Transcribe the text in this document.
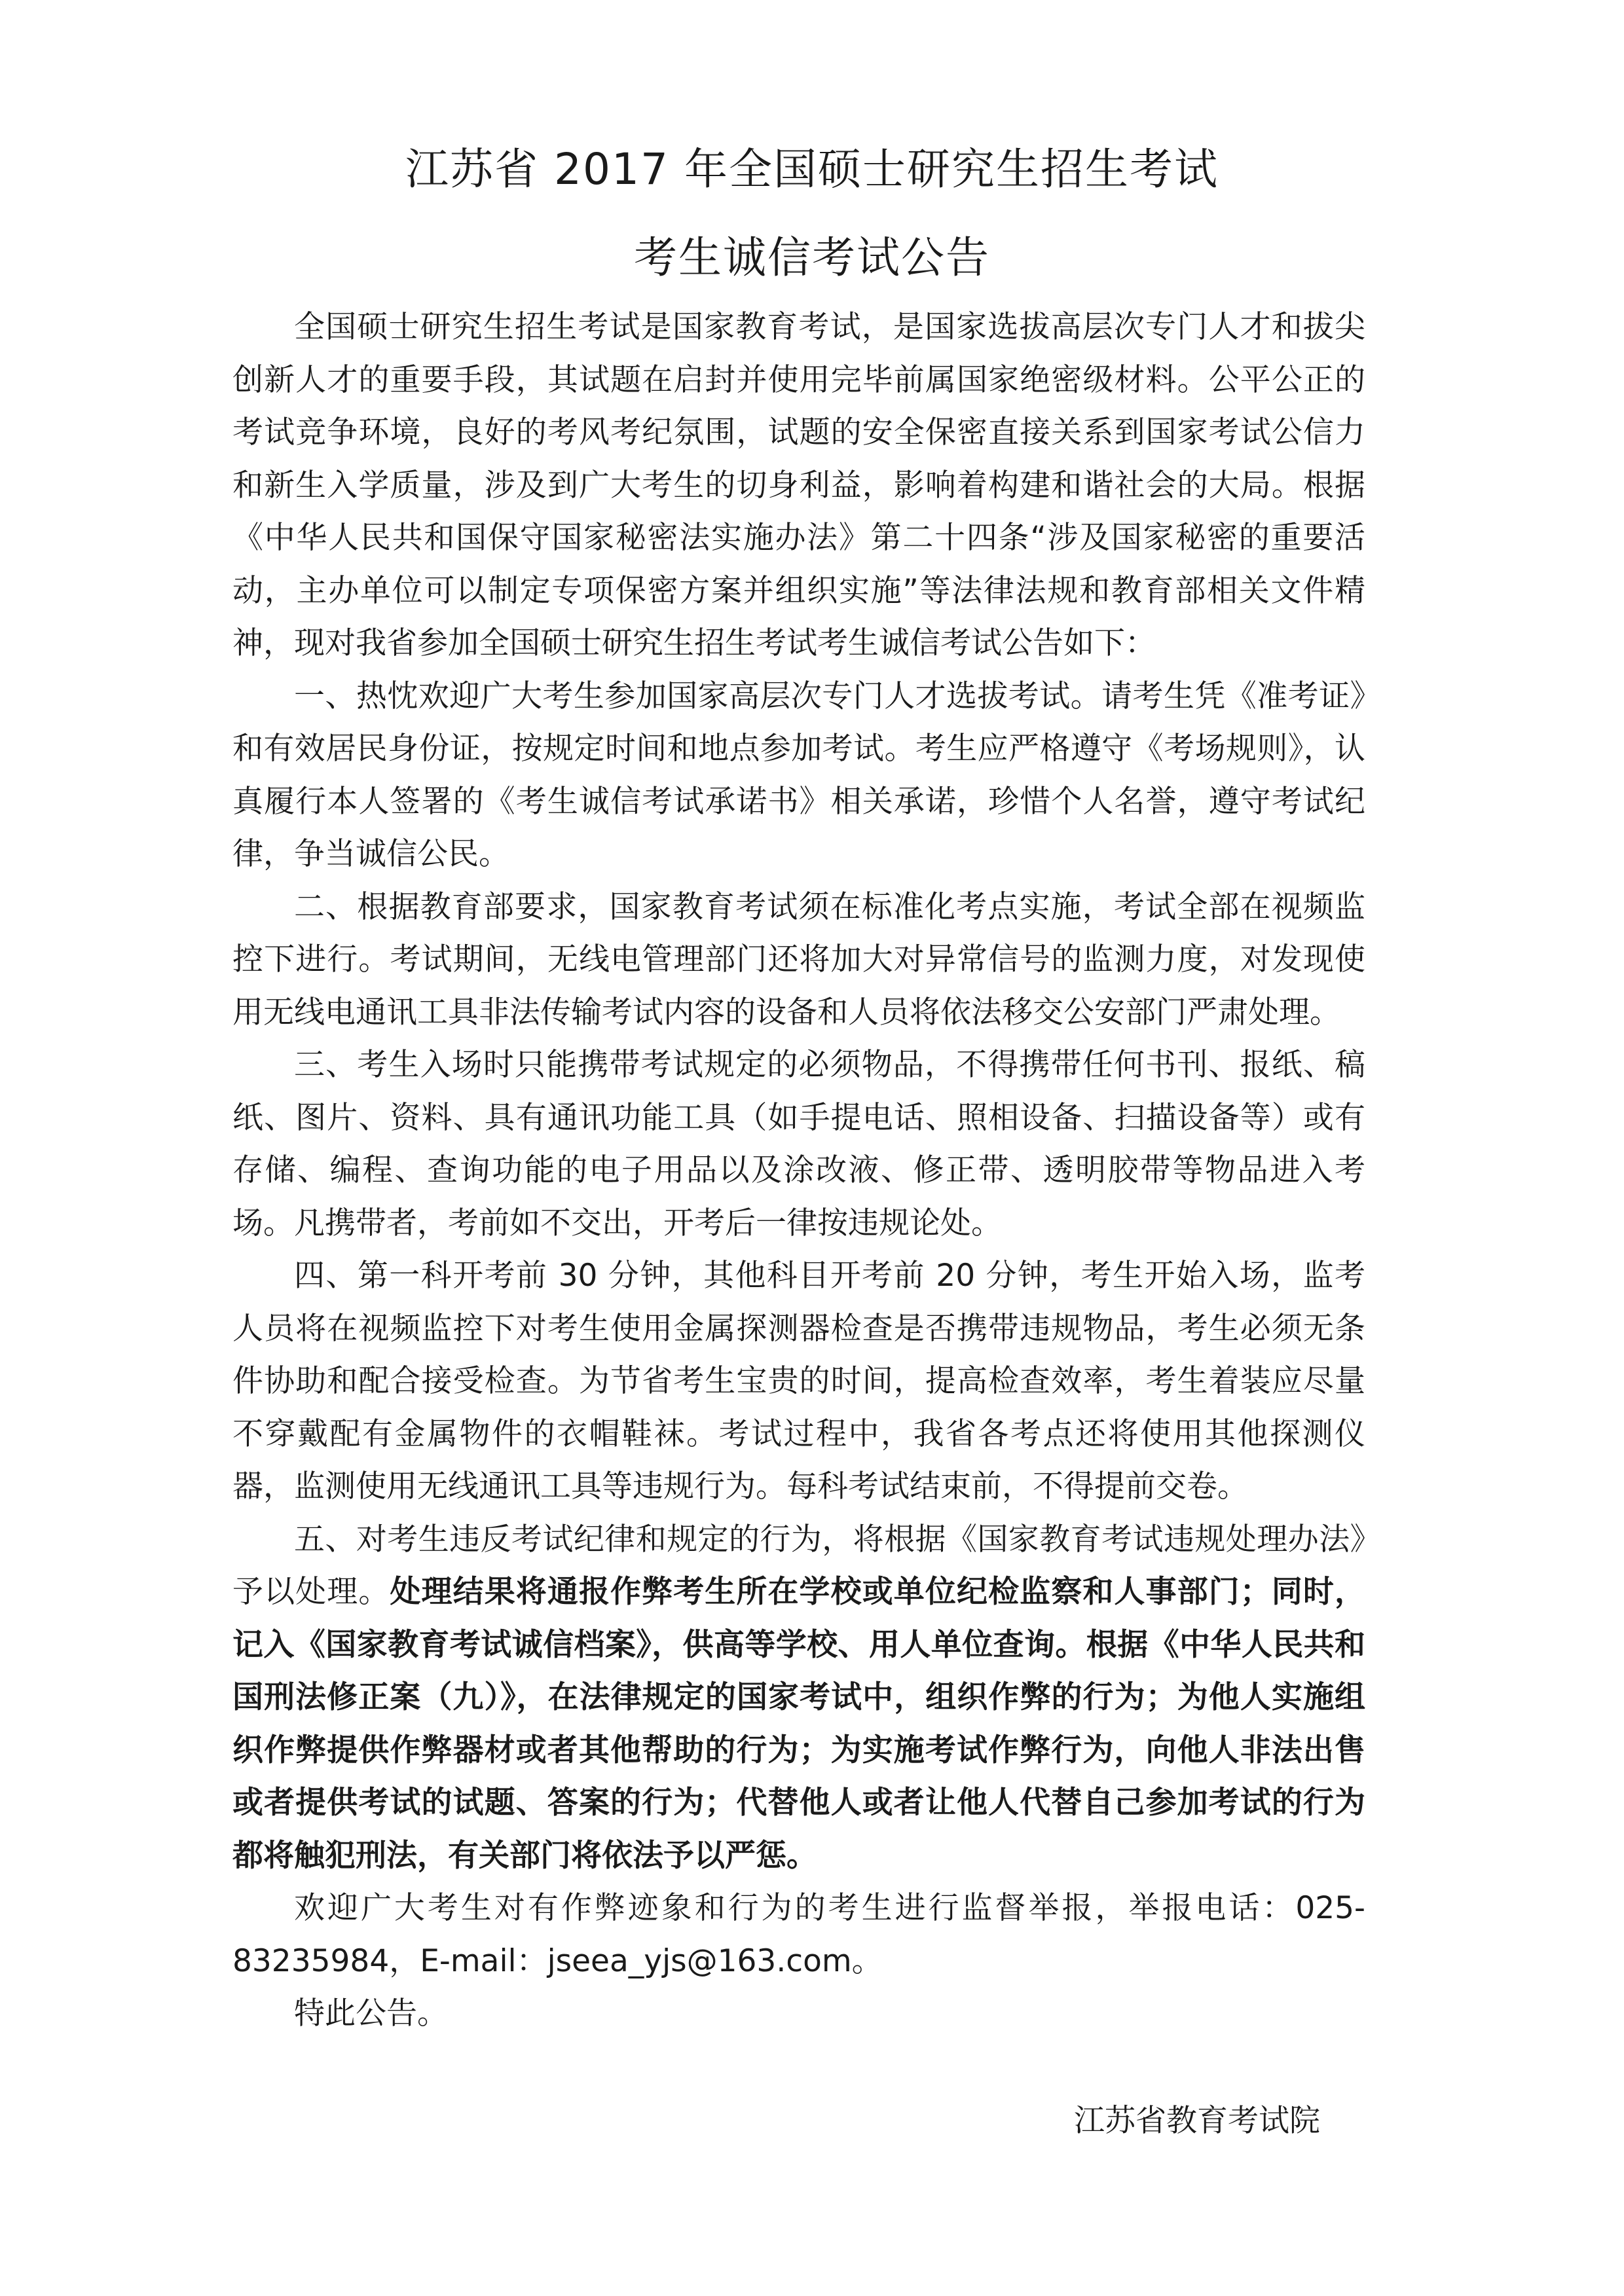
江苏省 2017 年全国硕士研究生招生考试
考生诚信考试公告

全国硕士研究生招生考试是国家教育考试，是国家选拔高层次专门人才和拔尖创新人才的重要手段，其试题在启封并使用完毕前属国家绝密级材料。公平公正的考试竞争环境，良好的考风考纪氛围，试题的安全保密直接关系到国家考试公信力和新生入学质量，涉及到广大考生的切身利益，影响着构建和谐社会的大局。根据《中华人民共和国保守国家秘密法实施办法》第二十四条“涉及国家秘密的重要活动，主办单位可以制定专项保密方案并组织实施”等法律法规和教育部相关文件精神，现对我省参加全国硕士研究生招生考试考生诚信考试公告如下：

一、热忱欢迎广大考生参加国家高层次专门人才选拔考试。请考生凭《准考证》和有效居民身份证，按规定时间和地点参加考试。考生应严格遵守《考场规则》，认真履行本人签署的《考生诚信考试承诺书》相关承诺，珍惜个人名誉，遵守考试纪律，争当诚信公民。

二、根据教育部要求，国家教育考试须在标准化考点实施，考试全部在视频监控下进行。考试期间，无线电管理部门还将加大对异常信号的监测力度，对发现使用无线电通讯工具非法传输考试内容的设备和人员将依法移交公安部门严肃处理。

三、考生入场时只能携带考试规定的必须物品，不得携带任何书刊、报纸、稿纸、图片、资料、具有通讯功能工具（如手提电话、照相设备、扫描设备等）或有存储、编程、查询功能的电子用品以及涂改液、修正带、透明胶带等物品进入考场。凡携带者，考前如不交出，开考后一律按违规论处。

四、第一科开考前 30 分钟，其他科目开考前 20 分钟，考生开始入场，监考人员将在视频监控下对考生使用金属探测器检查是否携带违规物品，考生必须无条件协助和配合接受检查。为节省考生宝贵的时间，提高检查效率，考生着装应尽量不穿戴配有金属物件的衣帽鞋袜。考试过程中，我省各考点还将使用其他探测仪器，监测使用无线通讯工具等违规行为。每科考试结束前，不得提前交卷。

五、对考生违反考试纪律和规定的行为，将根据《国家教育考试违规处理办法》予以处理。处理结果将通报作弊考生所在学校或单位纪检监察和人事部门；同时，记入《国家教育考试诚信档案》，供高等学校、用人单位查询。根据《中华人民共和国刑法修正案（九）》，在法律规定的国家考试中，组织作弊的行为；为他人实施组织作弊提供作弊器材或者其他帮助的行为；为实施考试作弊行为，向他人非法出售或者提供考试的试题、答案的行为；代替他人或者让他人代替自己参加考试的行为都将触犯刑法，有关部门将依法予以严惩。

欢迎广大考生对有作弊迹象和行为的考生进行监督举报，举报电话：025-83235984，E-mail：jseea_yjs@163.com。

特此公告。

江苏省教育考试院
